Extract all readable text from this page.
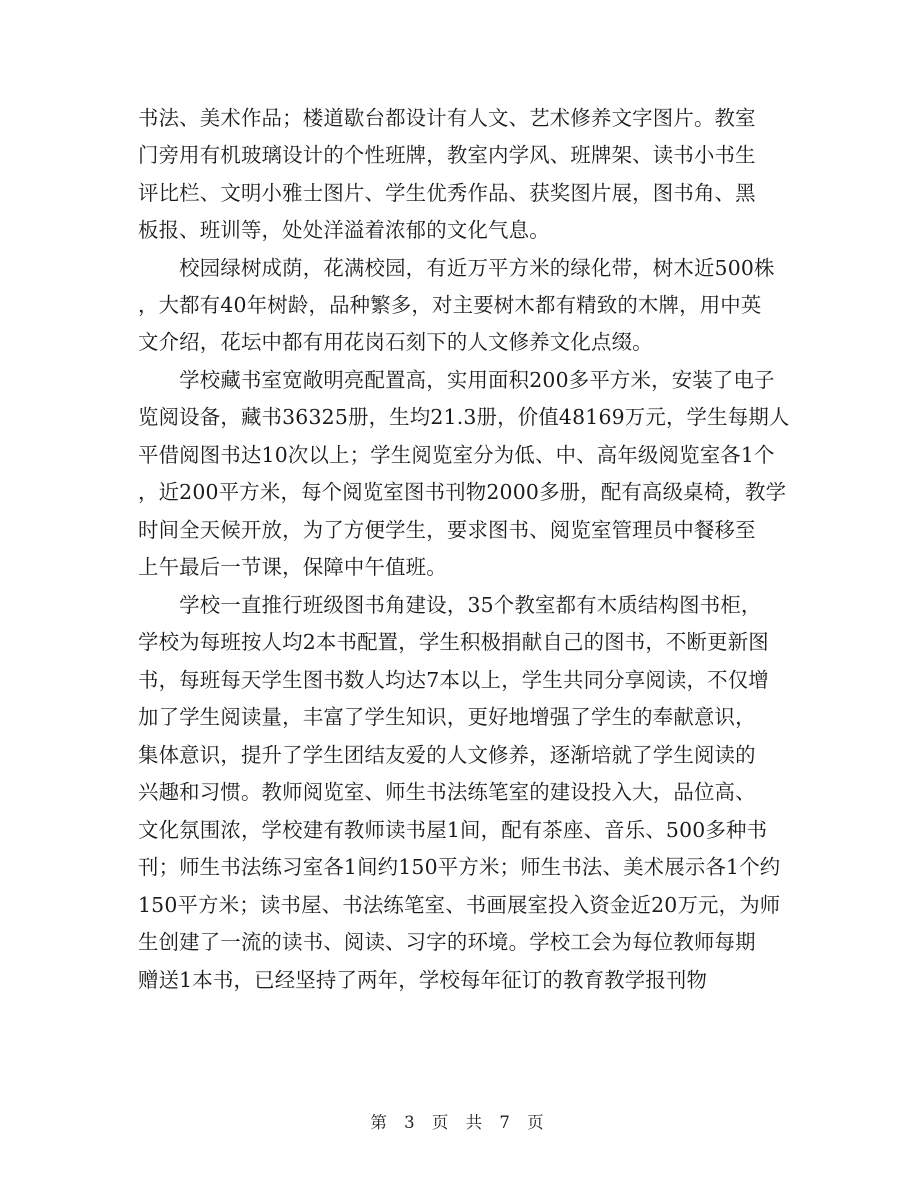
书法、美术作品；楼道歇台都设计有人文、艺术修养文字图片。教室
门旁用有机玻璃设计的个性班牌，教室内学风、班牌架、读书小书生
评比栏、文明小雅士图片、学生优秀作品、获奖图片展，图书角、黑
板报、班训等，处处洋溢着浓郁的文化气息。
　　校园绿树成荫，花满校园，有近万平方米的绿化带，树木近500株
，大都有40年树龄，品种繁多，对主要树木都有精致的木牌，用中英
文介绍，花坛中都有用花岗石刻下的人文修养文化点缀。
　　学校藏书室宽敞明亮配置高，实用面积200多平方米，安装了电子
览阅设备，藏书36325册，生均21.3册，价值48169万元，学生每期人
平借阅图书达10次以上；学生阅览室分为低、中、高年级阅览室各1个
，近200平方米，每个阅览室图书刊物2000多册，配有高级桌椅，教学
时间全天候开放，为了方便学生，要求图书、阅览室管理员中餐移至
上午最后一节课，保障中午值班。
　　学校一直推行班级图书角建设，35个教室都有木质结构图书柜，
学校为每班按人均2本书配置，学生积极捐献自己的图书，不断更新图
书，每班每天学生图书数人均达7本以上，学生共同分享阅读，不仅增
加了学生阅读量，丰富了学生知识，更好地增强了学生的奉献意识，
集体意识，提升了学生团结友爱的人文修养，逐渐培就了学生阅读的
兴趣和习惯。教师阅览室、师生书法练笔室的建设投入大，品位高、
文化氛围浓，学校建有教师读书屋1间，配有茶座、音乐、500多种书
刊；师生书法练习室各1间约150平方米；师生书法、美术展示各1个约
150平方米；读书屋、书法练笔室、书画展室投入资金近20万元，为师
生创建了一流的读书、阅读、习字的环境。学校工会为每位教师每期
赠送1本书，已经坚持了两年，学校每年征订的教育教学报刊物
第 3 页 共 7 页
